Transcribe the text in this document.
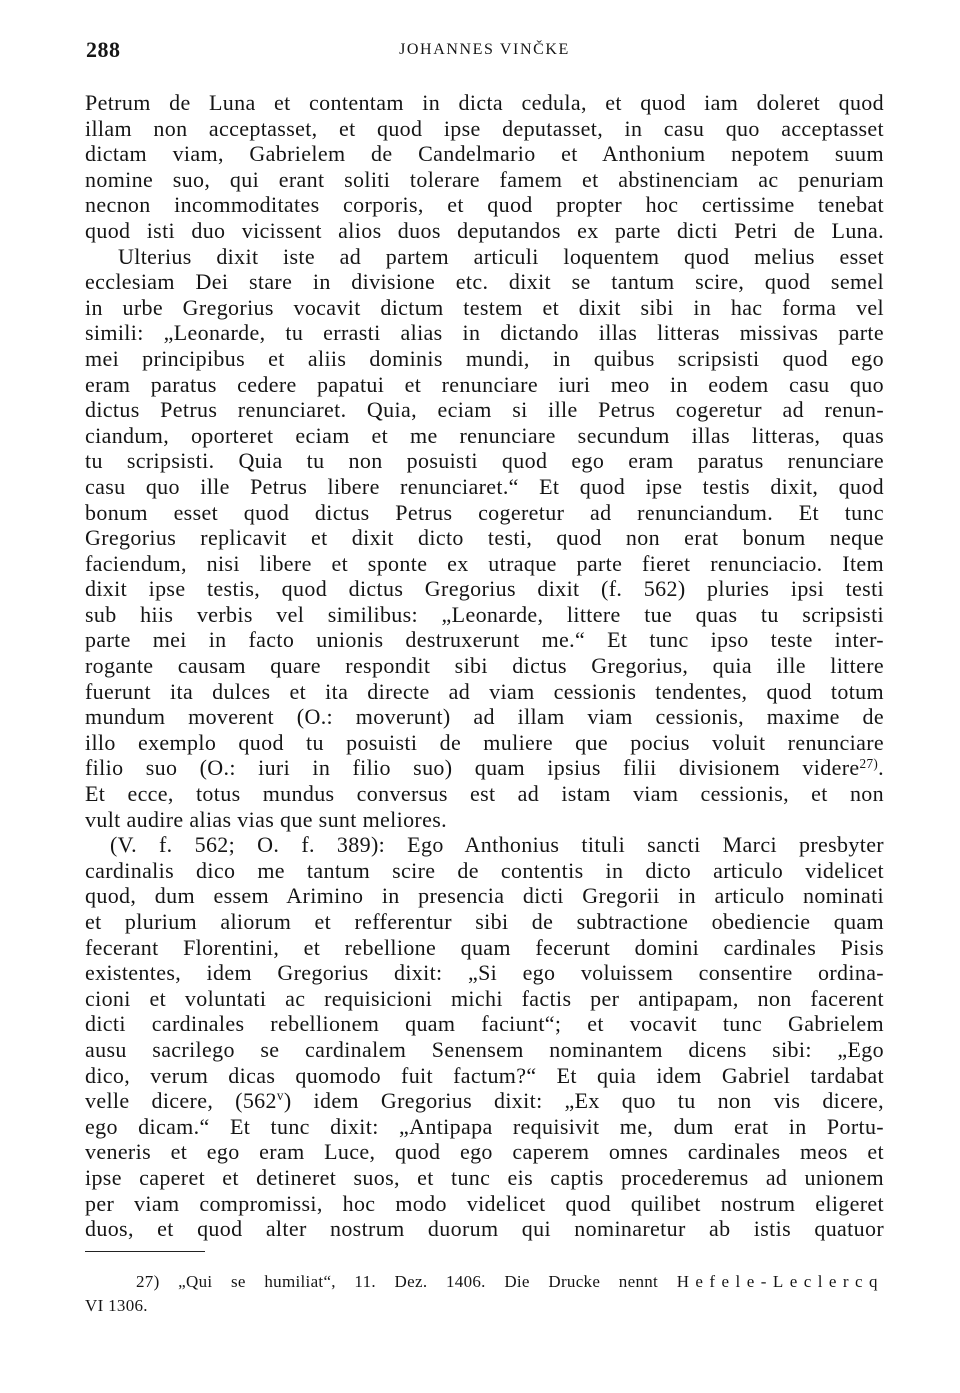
288	JOHANNES VINČKE
Petrum de Luna et contentam in dicta cedula, et quod iam doleret quod
illam non acceptasset, et quod ipse deputasset, in casu quo acceptasset
dictam viam, Gabrielem de Candelmario et Anthonium nepotem suum
nomine suo, qui erant soliti tolerare famem et abstinenciam ac penuriam
necnon incommoditates corporis, et quod propter hoc certissime tenebat
quod isti duo vicissent alios duos deputandos ex parte dicti Petri de Luna.
Ulterius dixit iste ad partem articuli loquentem quod melius esset
ecclesiam Dei stare in divisione etc. dixit se tantum scire, quod semel
in urbe Gregorius vocavit dictum testem et dixit sibi in hac forma vel
simili: „Leonarde, tu errasti alias in dictando illas litteras missivas parte
mei principibus et aliis dominis mundi, in quibus scripsisti quod ego
eram paratus cedere papatui et renunciare iuri meo in eodem casu quo
dictus Petrus renunciaret. Quia, eciam si ille Petrus cogeretur ad renun-
ciandum, oporteret eciam et me renunciare secundum illas litteras, quas
tu scripsisti. Quia tu non posuisti quod ego eram paratus renunciare
casu quo ille Petrus libere renunciaret.“ Et quod ipse testis dixit, quod
bonum esset quod dictus Petrus cogeretur ad renunciandum. Et tunc
Gregorius replicavit et dixit dicto testi, quod non erat bonum neque
faciendum, nisi libere et sponte ex utraque parte fieret renunciacio. Item
dixit ipse testis, quod dictus Gregorius dixit (f. 562) pluries ipsi testi
sub hiis verbis vel similibus: „Leonarde, littere tue quas tu scripsisti
parte mei in facto unionis destruxerunt me.“ Et tunc ipso teste inter-
rogante causam quare respondit sibi dictus Gregorius, quia ille littere
fuerunt ita dulces et ita directe ad viam cessionis tendentes, quod totum
mundum moverent (O.: moverunt) ad illam viam cessionis, maxime de
illo exemplo quod tu posuisti de muliere que pocius voluit renunciare
filio suo (O.: iuri in filio suo) quam ipsius filii divisionem videre$^{27)}$.
Et ecce, totus mundus conversus est ad istam viam cessionis, et non
vult audire alias vias que sunt meliores.
(V. f. 562; O. f. 389): Ego Anthonius tituli sancti Marci presbyter
cardinalis dico me tantum scire de contentis in dicto articulo videlicet
quod, dum essem Arimino in presencia dicti Gregorii in articulo nominati
et plurium aliorum et refferentur sibi de subtractione obediencie quam
fecerant Florentini, et rebellione quam fecerunt domini cardinales Pisis
existentes, idem Gregorius dixit: „Si ego voluissem consentire ordina-
cioni et voluntati ac requisicioni michi factis per antipapam, non facerent
dicti cardinales rebellionem quam faciunt“; et vocavit tunc Gabrielem
ausu sacrilego se cardinalem Senensem nominantem dicens sibi: „Ego
dico, verum dicas quomodo fuit factum?“ Et quia idem Gabriel tardabat
velle dicere, (562$^v$) idem Gregorius dixit: „Ex quo tu non vis dicere,
ego dicam.“ Et tunc dixit: „Antipapa requisivit me, dum erat in Portu-
veneris et ego eram Luce, quod ego caperem omnes cardinales meos et
ipse caperet et detineret suos, et tunc eis captis procederemus ad unionem
per viam compromissi, hoc modo videlicet quod quilibet nostrum eligeret
duos, et quod alter nostrum duorum qui nominaretur ab istis quatuor
27) „Qui se humiliat“, 11. Dez. 1406. Die Drucke nennt Hefele-Leclercq
VI 1306.
